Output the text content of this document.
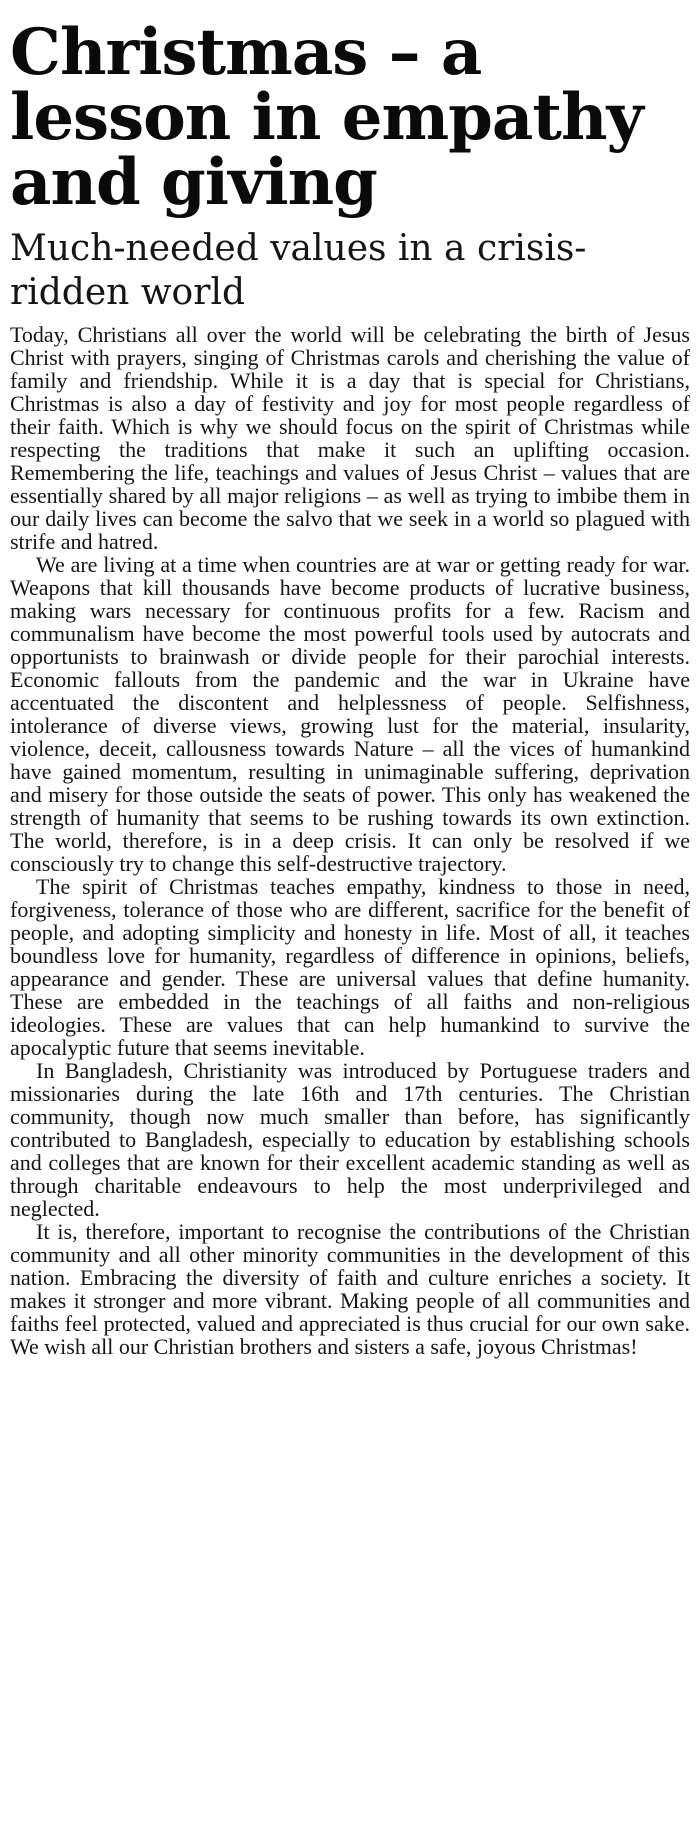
Christmas – a lesson in empathy and giving
Much-needed values in a crisis-ridden world

Today, Christians all over the world will be celebrating the birth of Jesus Christ with prayers, singing of Christmas carols and cherishing the value of family and friendship. While it is a day that is special for Christians, Christmas is also a day of festivity and joy for most people regardless of their faith. Which is why we should focus on the spirit of Christmas while respecting the traditions that make it such an uplifting occasion. Remembering the life, teachings and values of Jesus Christ – values that are essentially shared by all major religions – as well as trying to imbibe them in our daily lives can become the salvo that we seek in a world so plagued with strife and hatred.

We are living at a time when countries are at war or getting ready for war. Weapons that kill thousands have become products of lucrative business, making wars necessary for continuous profits for a few. Racism and communalism have become the most powerful tools used by autocrats and opportunists to brainwash or divide people for their parochial interests. Economic fallouts from the pandemic and the war in Ukraine have accentuated the discontent and helplessness of people. Selfishness, intolerance of diverse views, growing lust for the material, insularity, violence, deceit, callousness towards Nature – all the vices of humankind have gained momentum, resulting in unimaginable suffering, deprivation and misery for those outside the seats of power. This only has weakened the strength of humanity that seems to be rushing towards its own extinction. The world, therefore, is in a deep crisis. It can only be resolved if we consciously try to change this self-destructive trajectory.

The spirit of Christmas teaches empathy, kindness to those in need, forgiveness, tolerance of those who are different, sacrifice for the benefit of people, and adopting simplicity and honesty in life. Most of all, it teaches boundless love for humanity, regardless of difference in opinions, beliefs, appearance and gender. These are universal values that define humanity. These are embedded in the teachings of all faiths and non-religious ideologies. These are values that can help humankind to survive the apocalyptic future that seems inevitable.

In Bangladesh, Christianity was introduced by Portuguese traders and missionaries during the late 16th and 17th centuries. The Christian community, though now much smaller than before, has significantly contributed to Bangladesh, especially to education by establishing schools and colleges that are known for their excellent academic standing as well as through charitable endeavours to help the most underprivileged and neglected.

It is, therefore, important to recognise the contributions of the Christian community and all other minority communities in the development of this nation. Embracing the diversity of faith and culture enriches a society. It makes it stronger and more vibrant. Making people of all communities and faiths feel protected, valued and appreciated is thus crucial for our own sake. We wish all our Christian brothers and sisters a safe, joyous Christmas!
